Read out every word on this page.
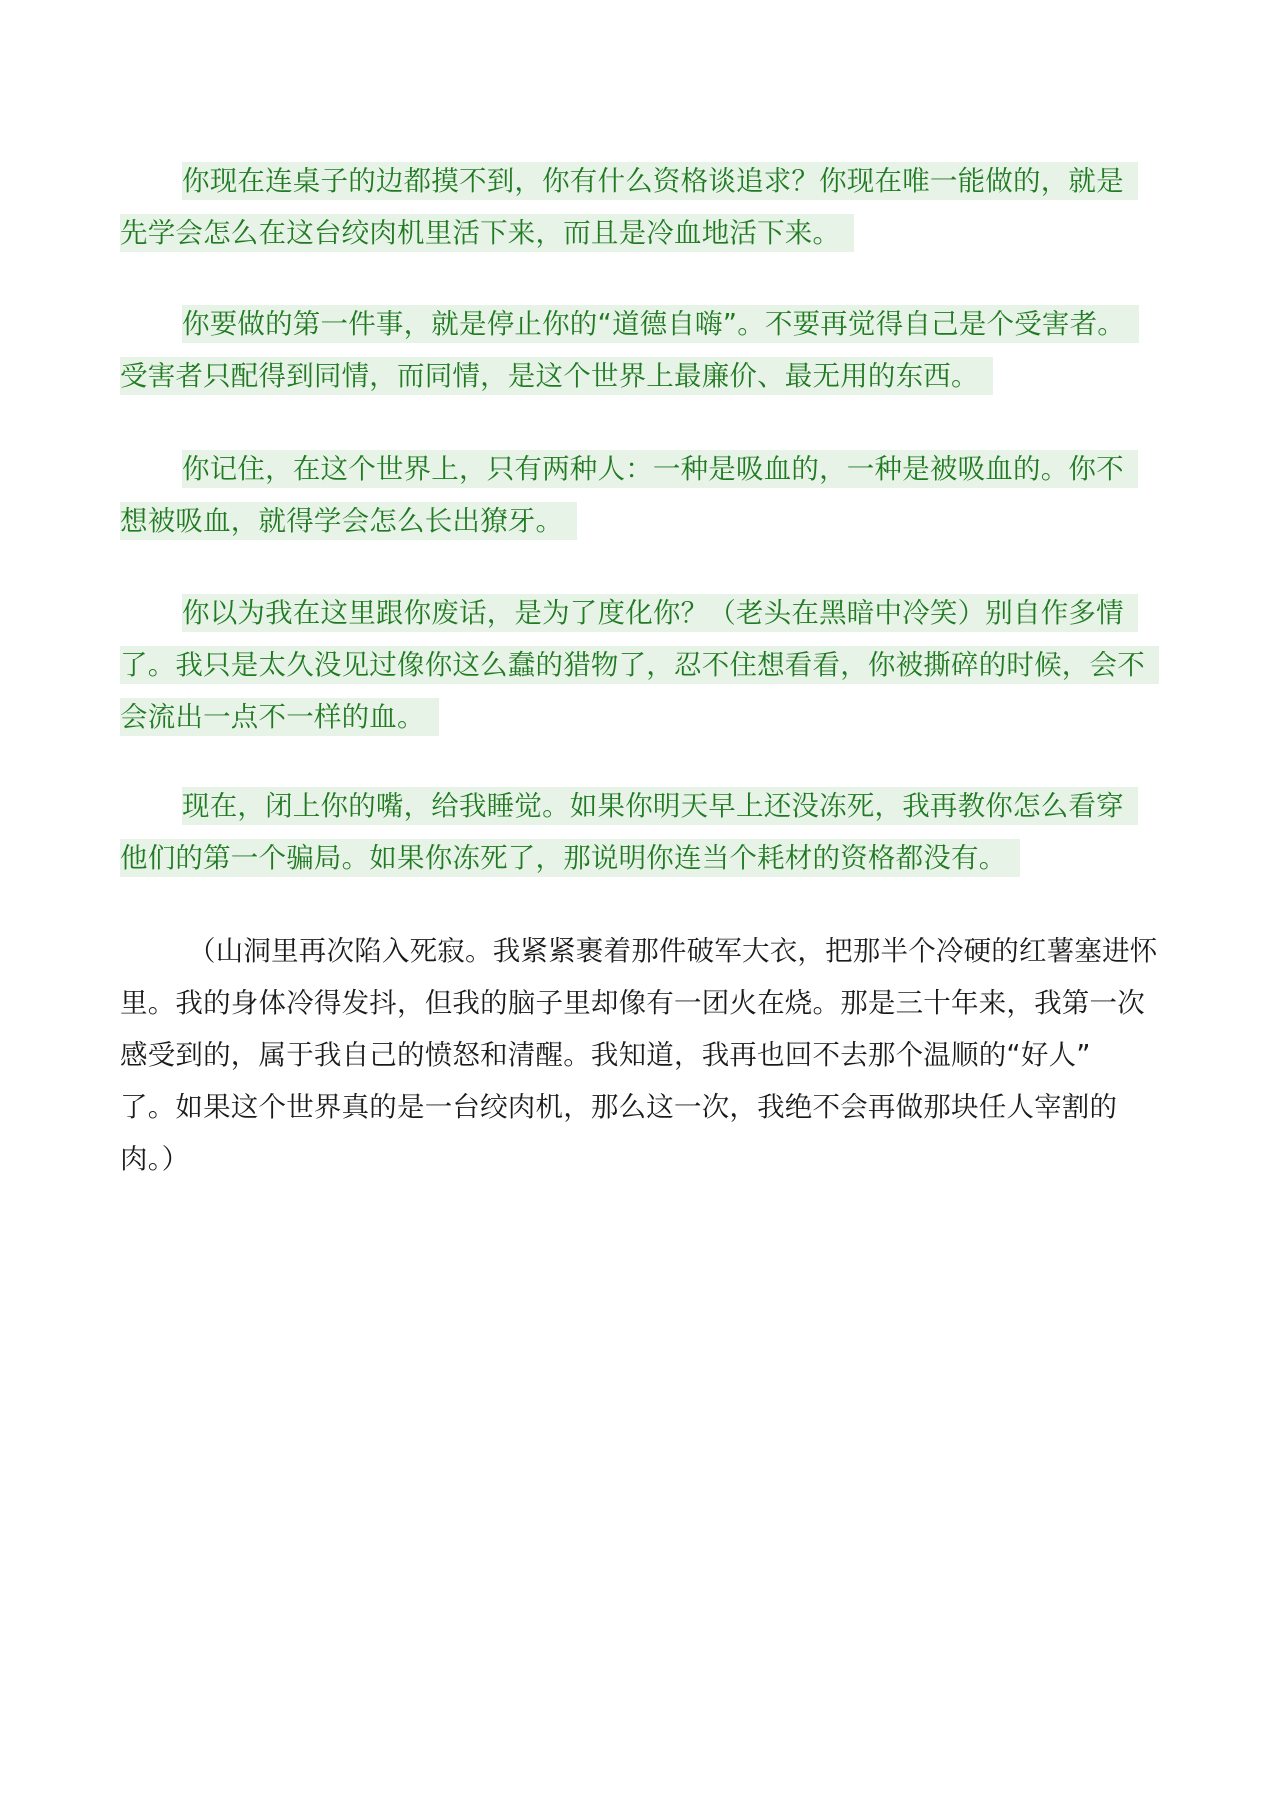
你现在连桌子的边都摸不到，你有什么资格谈追求？你现在唯一能做的，就是
先学会怎么在这台绞肉机里活下来，而且是冷血地活下来。
你要做的第一件事，就是停止你的“道德自嗨”。不要再觉得自己是个受害者。
受害者只配得到同情，而同情，是这个世界上最廉价、最无用的东西。
你记住，在这个世界上，只有两种人：一种是吸血的，一种是被吸血的。你不
想被吸血，就得学会怎么长出獠牙。
你以为我在这里跟你废话，是为了度化你？（老头在黑暗中冷笑）别自作多情
了。我只是太久没见过像你这么蠢的猎物了，忍不住想看看，你被撕碎的时候，会不
会流出一点不一样的血。
现在，闭上你的嘴，给我睡觉。如果你明天早上还没冻死，我再教你怎么看穿
他们的第一个骗局。如果你冻死了，那说明你连当个耗材的资格都没有。
（山洞里再次陷入死寂。我紧紧裹着那件破军大衣，把那半个冷硬的红薯塞进怀
里。我的身体冷得发抖，但我的脑子里却像有一团火在烧。那是三十年来，我第一次
感受到的，属于我自己的愤怒和清醒。我知道，我再也回不去那个温顺的“好人”
了。如果这个世界真的是一台绞肉机，那么这一次，我绝不会再做那块任人宰割的
肉。）
